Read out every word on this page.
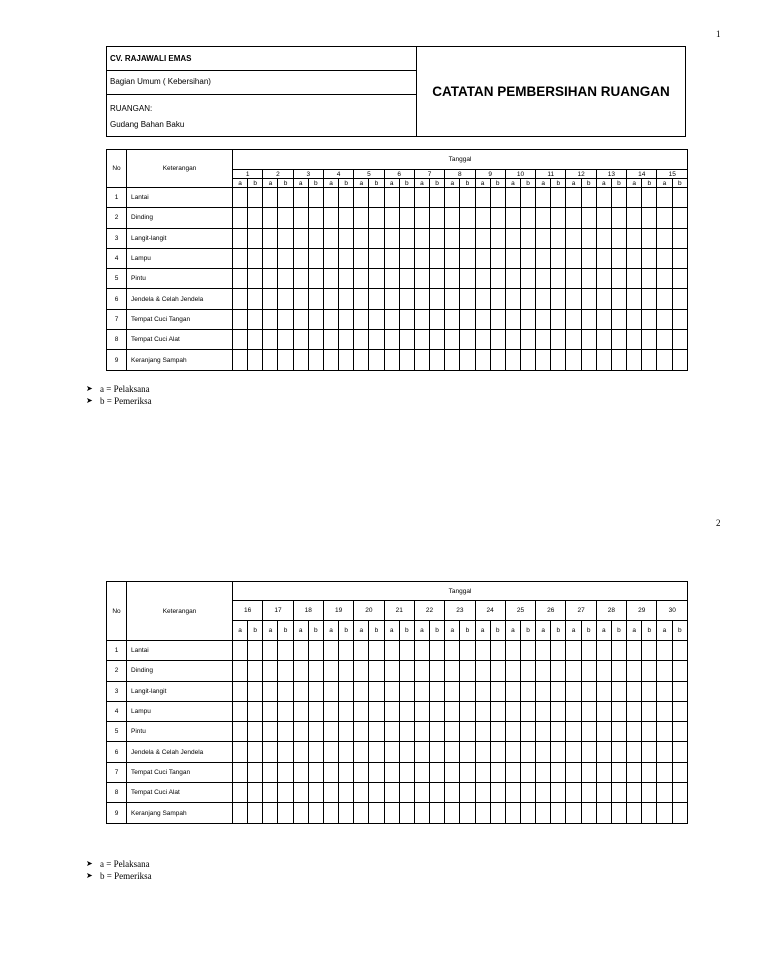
1
2
CV. RAJAWALI EMAS
Bagian Umum ( Kebersihan)
RUANGAN:
Gudang Bahan Baku
CATATAN PEMBERSIHAN RUANGAN
No	Keterangan	Tanggal																													
		1		2		3		4		5		6		7		8		9		10		11		12		13		14		15	
		a	b	a	b	a	b	a	b	a	b	a	b	a	b	a	b	a	b	a	b	a	b	a	b	a	b	a	b	a	b
1	Lantai																														
2	Dinding																														
3	Langit-langit																														
4	Lampu																														
5	Pintu																														
6	Jendela & Celah Jendela																														
7	Tempat Cuci Tangan																														
8	Tempat Cuci Alat																														
9	Keranjang Sampah																														
➤ a = Pelaksana
➤ b = Pemeriksa
No	Keterangan	Tanggal																													
		16		17		18		19		20		21		22		23		24		25		26		27		28		29		30	
		a	b	a	b	a	b	a	b	a	b	a	b	a	b	a	b	a	b	a	b	a	b	a	b	a	b	a	b	a	b
1	Lantai																														
2	Dinding																														
3	Langit-langit																														
4	Lampu																														
5	Pintu																														
6	Jendela & Celah Jendela																														
7	Tempat Cuci Tangan																														
8	Tempat Cuci Alat																														
9	Keranjang Sampah																														
➤ a = Pelaksana
➤ b = Pemeriksa
